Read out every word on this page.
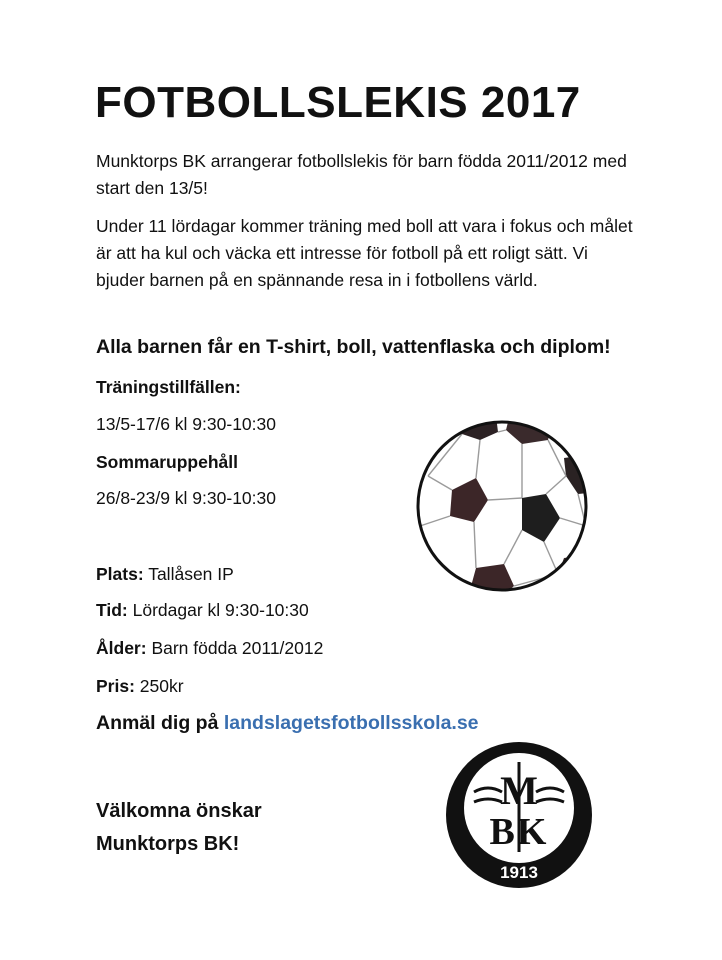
FOTBOLLSLEKIS 2017

Munktorps BK arrangerar fotbollslekis för barn födda 2011/2012 med start den 13/5!

Under 11 lördagar kommer träning med boll att vara i fokus och målet är att ha kul och väcka ett intresse för fotboll på ett roligt sätt. Vi bjuder barnen på en spännande resa in i fotbollens värld.

Alla barnen får en T-shirt, boll, vattenflaska och diplom!
Träningstillfällen:
13/5-17/6 kl 9:30-10:30
Sommaruppehåll
26/8-23/9 kl 9:30-10:30
Plats: Tallåsen IP
Tid: Lördagar kl 9:30-10:30
Ålder: Barn födda 2011/2012
Pris: 250kr
Anmäl dig på landslagetsfotbollsskola.se
Välkomna önskar
Munktorps BK!
M
BK
1913
